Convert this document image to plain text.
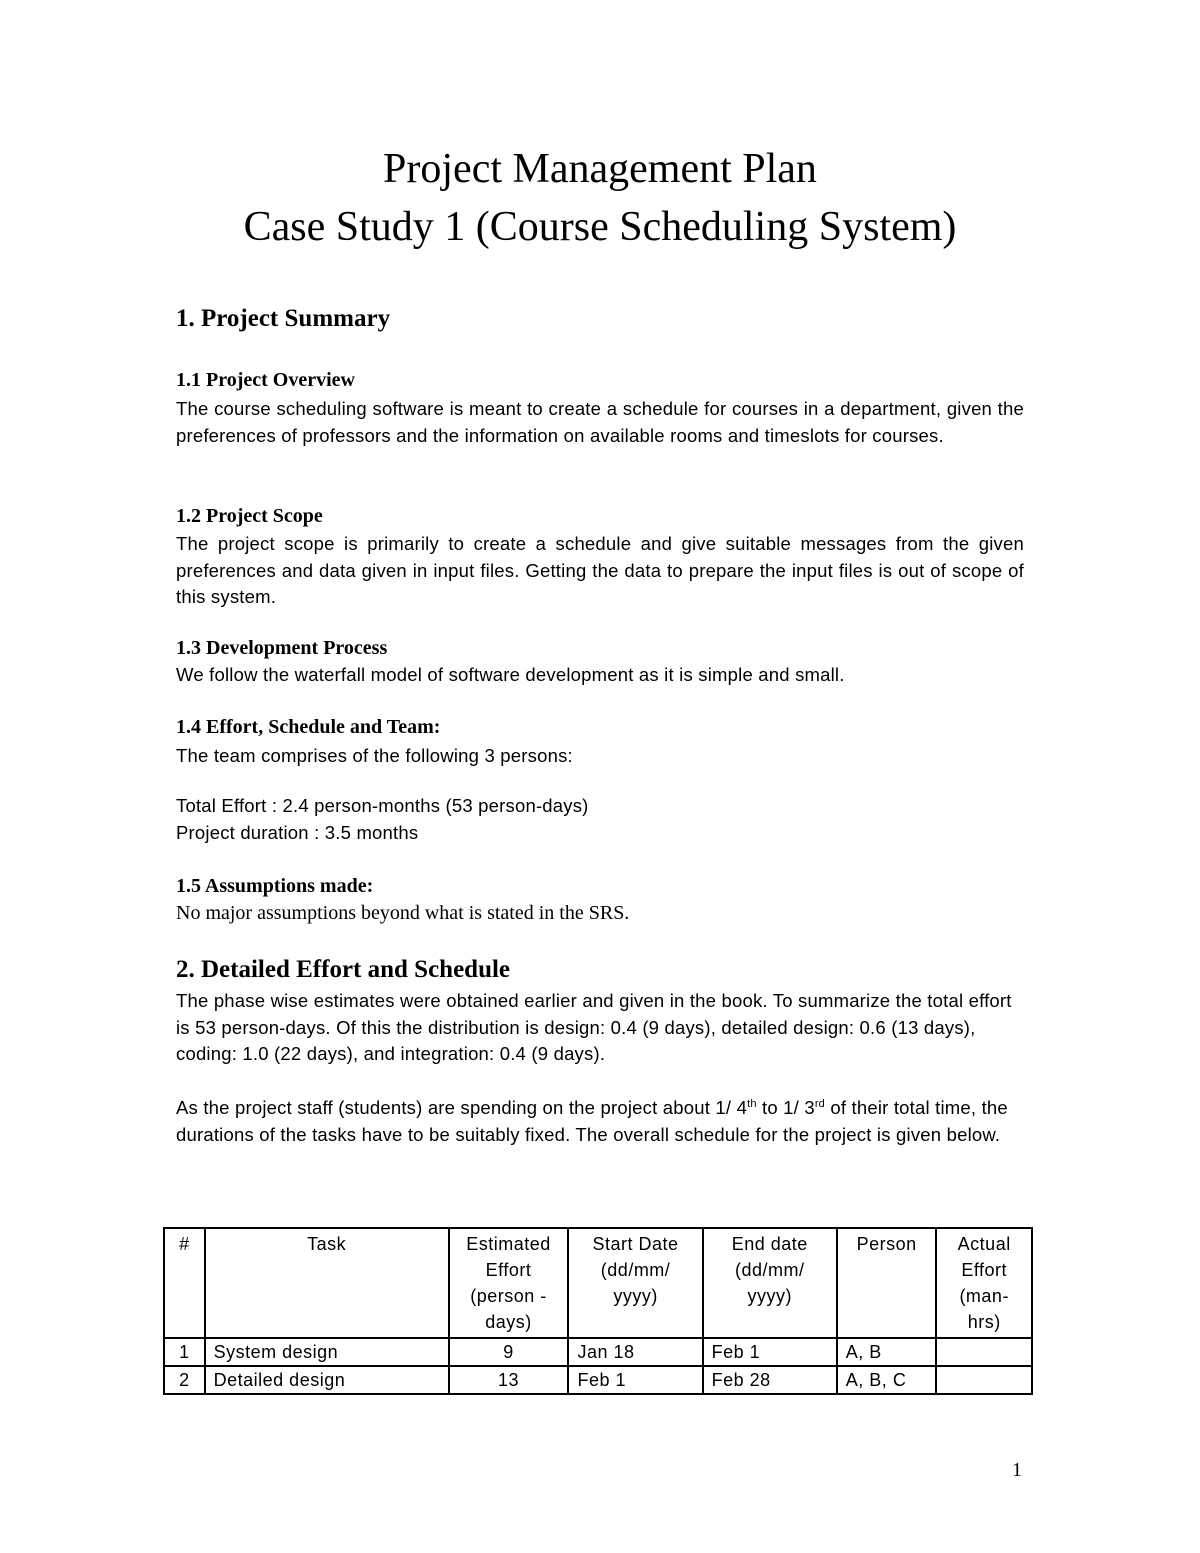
Project Management Plan
Case Study 1 (Course Scheduling System)
1. Project Summary
1.1 Project Overview

The course scheduling software is meant to create a schedule for courses in a department, given the preferences of professors and the information on available rooms and timeslots for courses.

1.2 Project Scope

The project scope is primarily to create a schedule and give suitable messages from the given preferences and data given in input files. Getting the data to prepare the input files is out of scope of this system.

1.3 Development Process

We follow the waterfall model of software development as it is simple and small.

1.4 Effort, Schedule and Team:

The team comprises of the following 3 persons:

Total Effort : 2.4 person-months (53 person-days)

Project duration : 3.5 months

1.5 Assumptions made:

No major assumptions beyond what is stated in the SRS.

2. Detailed Effort and Schedule

The phase wise estimates were obtained earlier and given in the book. To summarize the total effort is 53 person-days. Of this the distribution is design: 0.4 (9 days), detailed design: 0.6 (13 days), coding: 1.0 (22 days), and integration: 0.4 (9 days).

As the project staff (students) are spending on the project about 1/ 4th to 1/ 3rd of their total time, the durations of the tasks have to be suitably fixed. The overall schedule for the project is given below.

#	Task	Estimated Effort (person - days)	Start Date (dd/mm/ yyyy)	End date (dd/mm/ yyyy)	Person	Actual Effort (man- hrs)
1	System design	9	Jan 18	Feb 1	A, B	
2	Detailed design	13	Feb 1	Feb 28	A, B, C	
1
